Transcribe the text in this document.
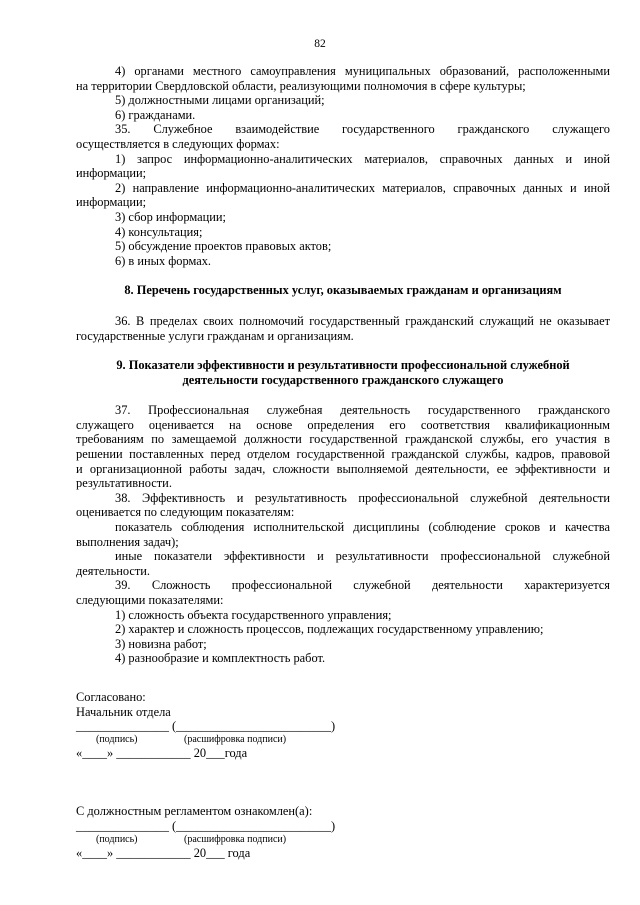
82
4) органами местного самоуправления муниципальных образований, расположенными
на территории Свердловской области, реализующими полномочия в сфере культуры;
5) должностными лицами организаций;
6) гражданами.
35. Служебное взаимодействие государственного гражданского служащего
осуществляется в следующих формах:
1) запрос информационно-аналитических материалов, справочных данных и иной
информации;
2) направление информационно-аналитических материалов, справочных данных и иной
информации;
3) сбор информации;
4) консультация;
5) обсуждение проектов правовых актов;
6) в иных формах.
8. Перечень государственных услуг, оказываемых гражданам и организациям
36. В пределах своих полномочий государственный гражданский служащий не оказывает
государственные услуги гражданам и организациям.
9. Показатели эффективности и результативности профессиональной служебной
деятельности государственного гражданского служащего
37. Профессиональная служебная деятельность государственного гражданского
служащего оценивается на основе определения его соответствия квалификационным
требованиям по замещаемой должности государственной гражданской службы, его участия в
решении поставленных перед отделом государственной гражданской службы, кадров, правовой
и организационной работы задач, сложности выполняемой деятельности, ее эффективности и
результативности.
38. Эффективность и результативность профессиональной служебной деятельности
оценивается по следующим показателям:
показатель соблюдения исполнительской дисциплины (соблюдение сроков и качества
выполнения задач);
иные показатели эффективности и результативности профессиональной служебной
деятельности.
39. Сложность профессиональной служебной деятельности характеризуется
следующими показателями:
1) сложность объекта государственного управления;
2) характер и сложность процессов, подлежащих государственному управлению;
3) новизна работ;
4) разнообразие и комплектность работ.
Согласовано:
Начальник отдела
_______________ (_________________________)
(подпись)	(расшифровка подписи)
«____» ____________ 20___года
С должностным регламентом ознакомлен(а):
_______________ (_________________________)
(подпись)	(расшифровка подписи)
«____» ____________ 20___ года
